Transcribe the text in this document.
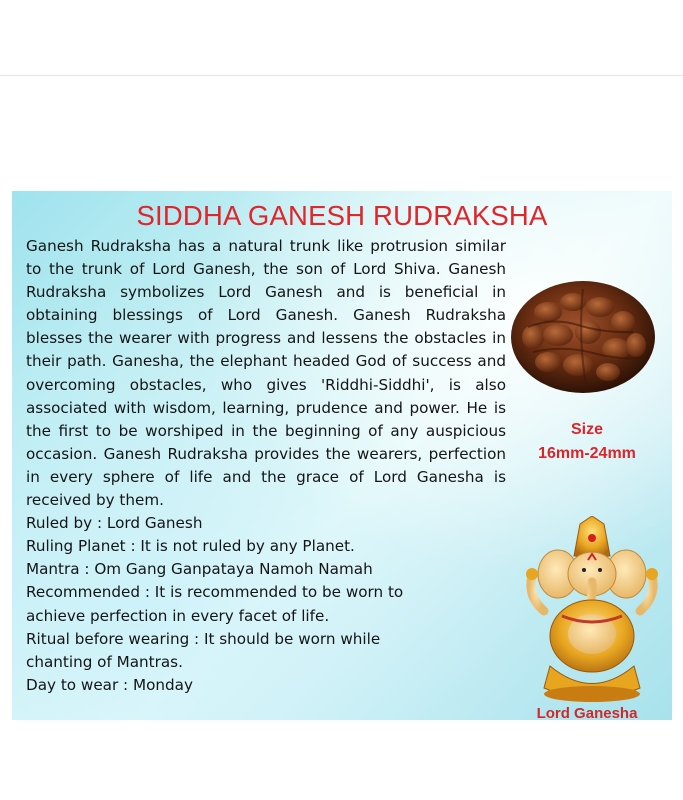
SIDDHA GANESH RUDRAKSHA

Ganesh Rudraksha has a natural trunk like protrusion similar to the trunk of Lord Ganesh, the son of Lord Shiva. Ganesh Rudraksha symbolizes Lord Ganesh and is beneficial in obtaining blessings of Lord Ganesh. Ganesh Rudraksha blesses the wearer with progress and lessens the obstacles in their path. Ganesha, the elephant headed God of success and overcoming obstacles, who gives 'Riddhi-Siddhi', is also associated with wisdom, learning, prudence and power. He is the first to be worshiped in the beginning of any auspicious occasion. Ganesh Rudraksha provides the wearers, perfection in every sphere of life and the grace of Lord Ganesha is received by them.

Ruled by : Lord Ganesh

Ruling Planet : It is not ruled by any Planet.

Mantra : Om Gang Ganpataya Namoh Namah

Recommended : It is recommended to be worn to

achieve perfection in every facet of life.

Ritual before wearing : It should be worn while

chanting of Mantras.

Day to wear : Monday

Size
16mm-24mm
Lord Ganesha
